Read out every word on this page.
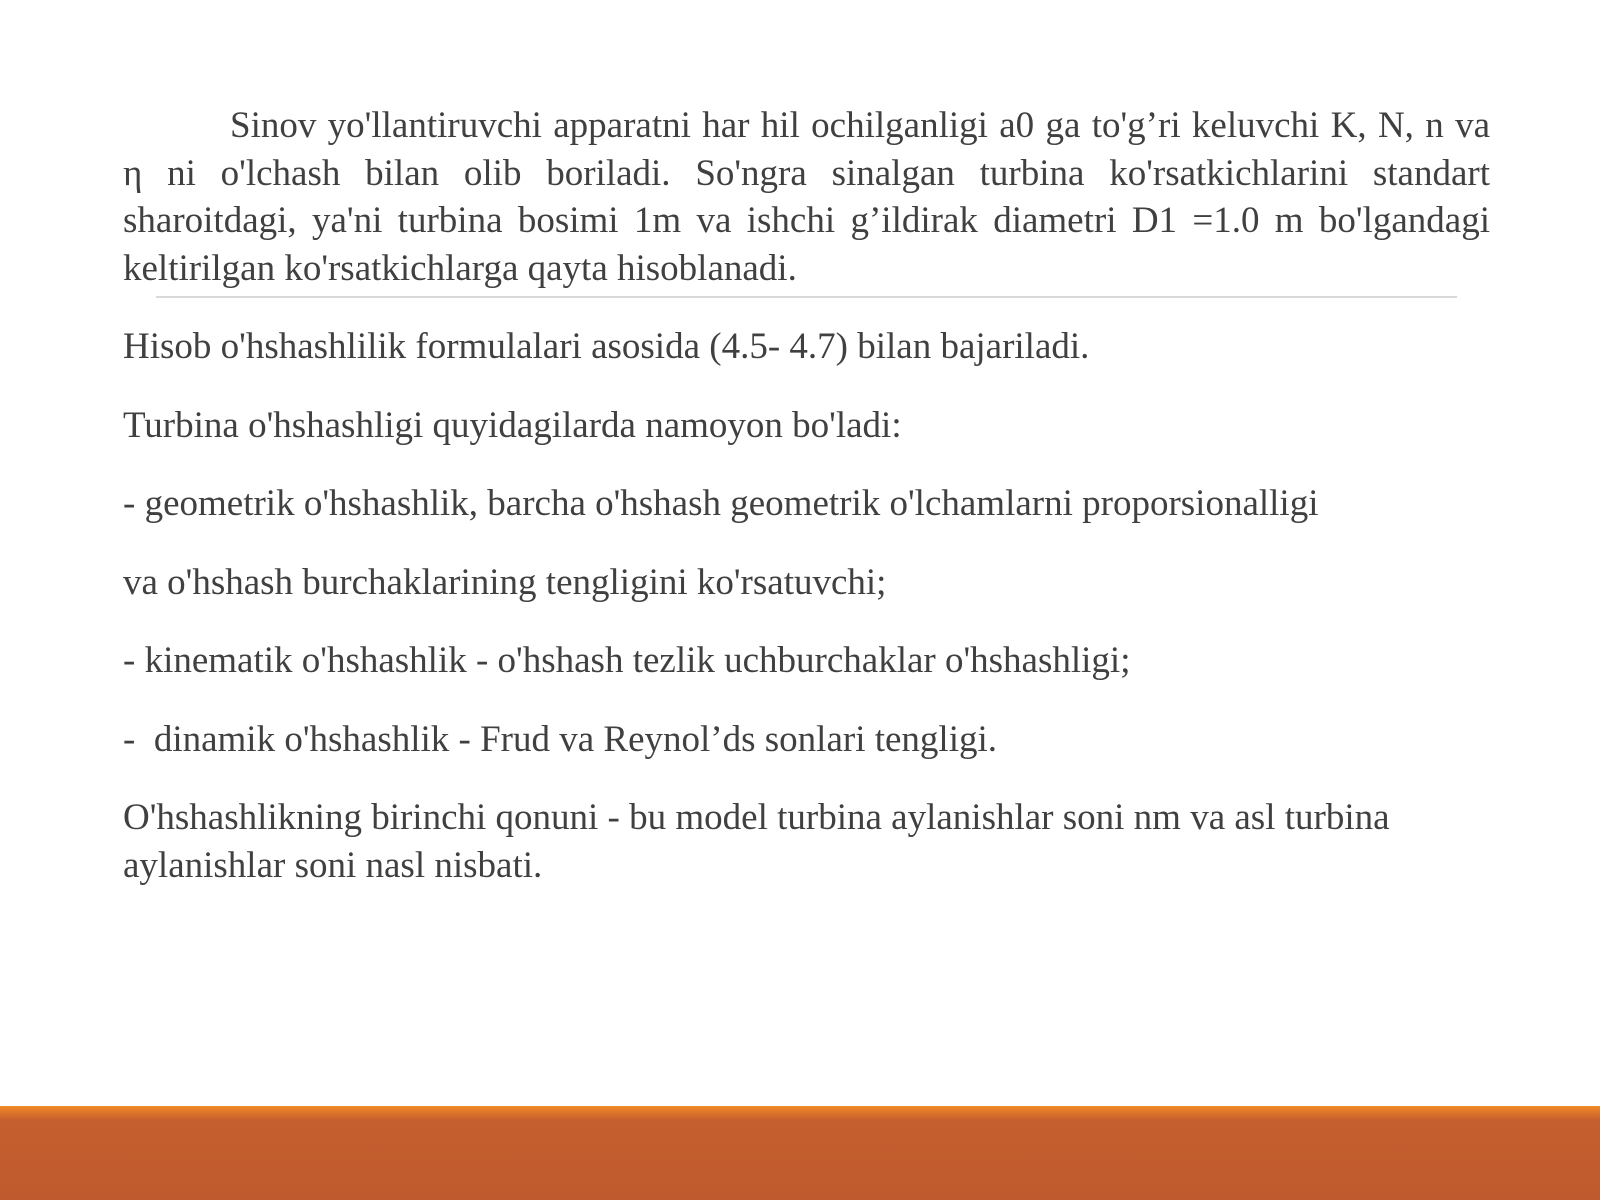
Sinov yo'llantiruvchi apparatni har hil ochilganligi a0 ga to'g’ri keluvchi K, N, n va η ni o'lchash bilan olib boriladi. So'ngra sinalgan turbina ko'rsatkichlarini standart sharoitdagi, ya'ni turbina bosimi 1m va ishchi g’ildirak diametri D1 =1.0 m bo'lgandagi keltirilgan ko'rsatkichlarga qayta hisoblanadi.

Hisob o'hshashlilik formulalari asosida (4.5- 4.7) bilan bajariladi.

Turbina o'hshashligi quyidagilarda namoyon bo'ladi:

- geometrik o'hshashlik, barcha o'hshash geometrik o'lchamlarni proporsionalligi

va o'hshash burchaklarining tengligini ko'rsatuvchi;

- kinematik o'hshashlik - o'hshash tezlik uchburchaklar o'hshashligi;

-  dinamik o'hshashlik - Frud va Reynol’ds sonlari tengligi.

O'hshashlikning birinchi qonuni - bu model turbina aylanishlar soni nm va asl turbina aylanishlar soni nasl nisbati.
